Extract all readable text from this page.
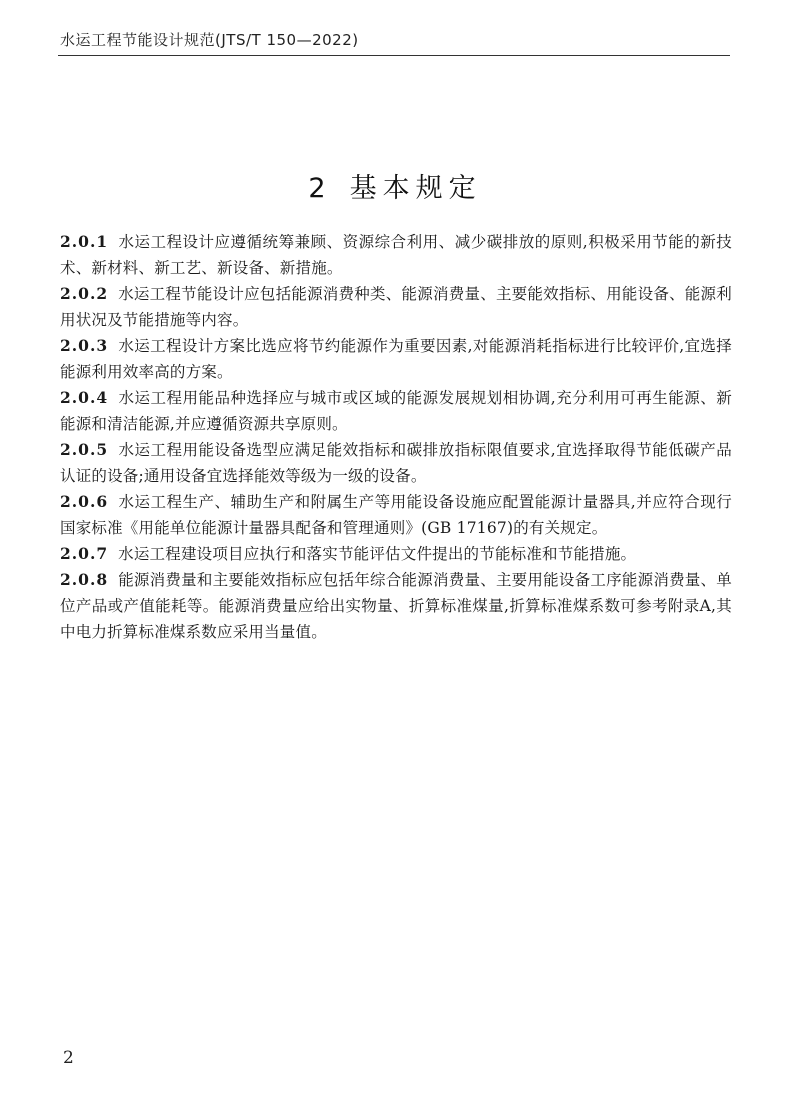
水运工程节能设计规范(JTS/T 150—2022)
2 基本规定

2.0.1 水运工程设计应遵循统筹兼顾、资源综合利用、减少碳排放的原则,积极采用节能的新技术、新材料、新工艺、新设备、新措施。

2.0.2 水运工程节能设计应包括能源消费种类、能源消费量、主要能效指标、用能设备、能源利用状况及节能措施等内容。

2.0.3 水运工程设计方案比选应将节约能源作为重要因素,对能源消耗指标进行比较评价,宜选择能源利用效率高的方案。

2.0.4 水运工程用能品种选择应与城市或区域的能源发展规划相协调,充分利用可再生能源、新能源和清洁能源,并应遵循资源共享原则。

2.0.5 水运工程用能设备选型应满足能效指标和碳排放指标限值要求,宜选择取得节能低碳产品认证的设备;通用设备宜选择能效等级为一级的设备。

2.0.6 水运工程生产、辅助生产和附属生产等用能设备设施应配置能源计量器具,并应符合现行国家标准《用能单位能源计量器具配备和管理通则》(GB 17167)的有关规定。

2.0.7 水运工程建设项目应执行和落实节能评估文件提出的节能标准和节能措施。

2.0.8 能源消费量和主要能效指标应包括年综合能源消费量、主要用能设备工序能源消费量、单位产品或产值能耗等。能源消费量应给出实物量、折算标准煤量,折算标准煤系数可参考附录A,其中电力折算标准煤系数应采用当量值。

2
